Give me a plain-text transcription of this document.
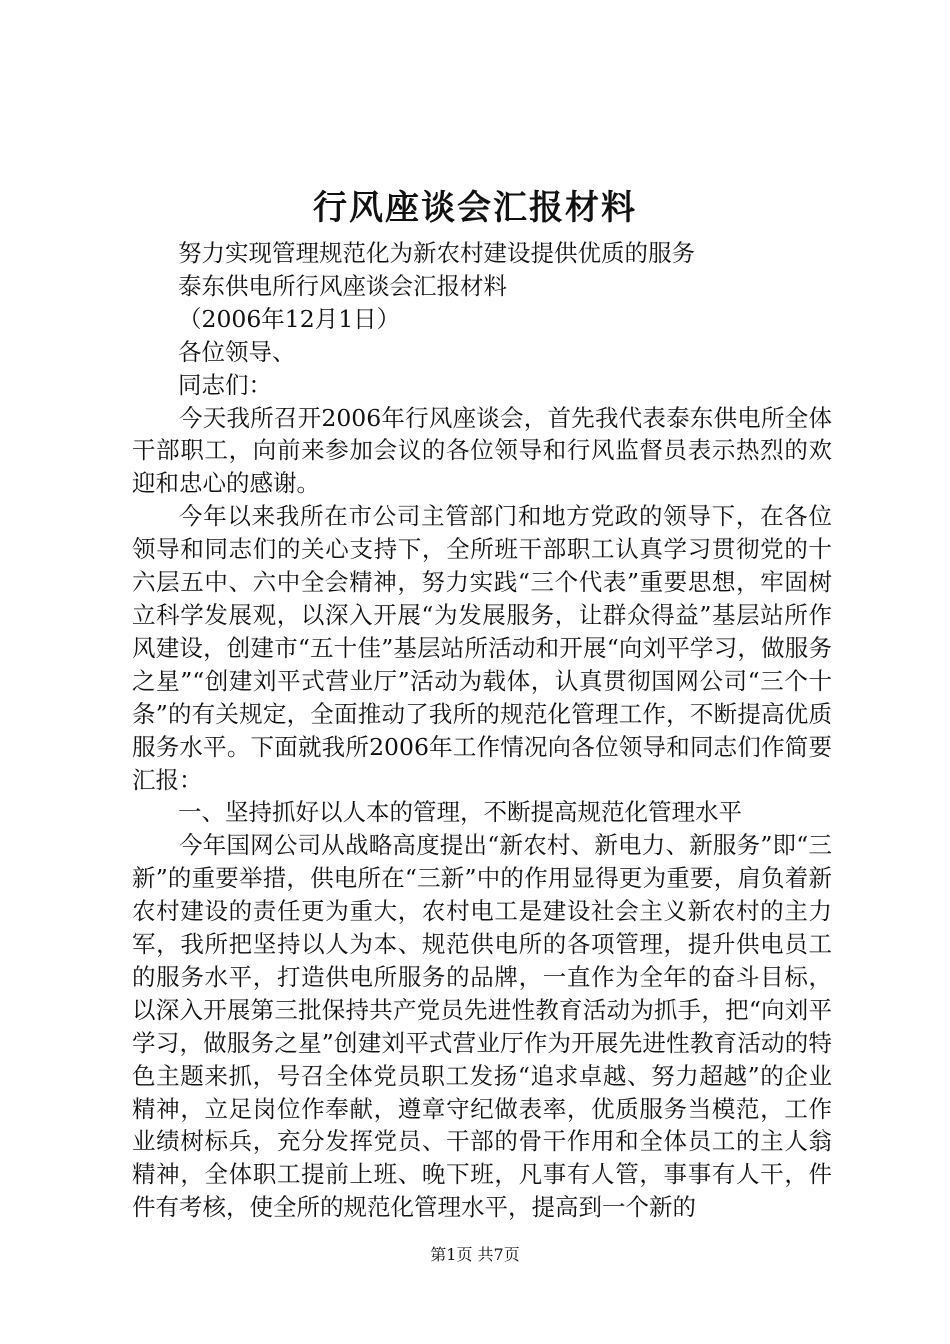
行风座谈会汇报材料

努力实现管理规范化为新农村建设提供优质的服务

泰东供电所行风座谈会汇报材料

（2006年12月1日）

各位领导、

同志们：

今天我所召开2006年行风座谈会，首先我代表泰东供电所全体干部职工，向前来参加会议的各位领导和行风监督员表示热烈的欢迎和忠心的感谢。

今年以来我所在市公司主管部门和地方党政的领导下，在各位领导和同志们的关心支持下，全所班干部职工认真学习贯彻党的十六层五中、六中全会精神，努力实践“三个代表”重要思想，牢固树立科学发展观，以深入开展“为发展服务，让群众得益”基层站所作风建设，创建市“五十佳”基层站所活动和开展“向刘平学习，做服务之星”“创建刘平式营业厅”活动为载体，认真贯彻国网公司“三个十条”的有关规定，全面推动了我所的规范化管理工作，不断提高优质服务水平。下面就我所2006年工作情况向各位领导和同志们作简要汇报：

一、坚持抓好以人本的管理，不断提高规范化管理水平

今年国网公司从战略高度提出“新农村、新电力、新服务”即“三新”的重要举措，供电所在“三新”中的作用显得更为重要，肩负着新农村建设的责任更为重大，农村电工是建设社会主义新农村的主力军，我所把坚持以人为本、规范供电所的各项管理，提升供电员工的服务水平，打造供电所服务的品牌，一直作为全年的奋斗目标，以深入开展第三批保持共产党员先进性教育活动为抓手，把“向刘平学习，做服务之星”创建刘平式营业厅作为开展先进性教育活动的特色主题来抓，号召全体党员职工发扬“追求卓越、努力超越”的企业精神，立足岗位作奉献，遵章守纪做表率，优质服务当模范，工作业绩树标兵，充分发挥党员、干部的骨干作用和全体员工的主人翁精神，全体职工提前上班、晚下班，凡事有人管，事事有人干，件件有考核，使全所的规范化管理水平，提高到一个新的

第1页 共7页
